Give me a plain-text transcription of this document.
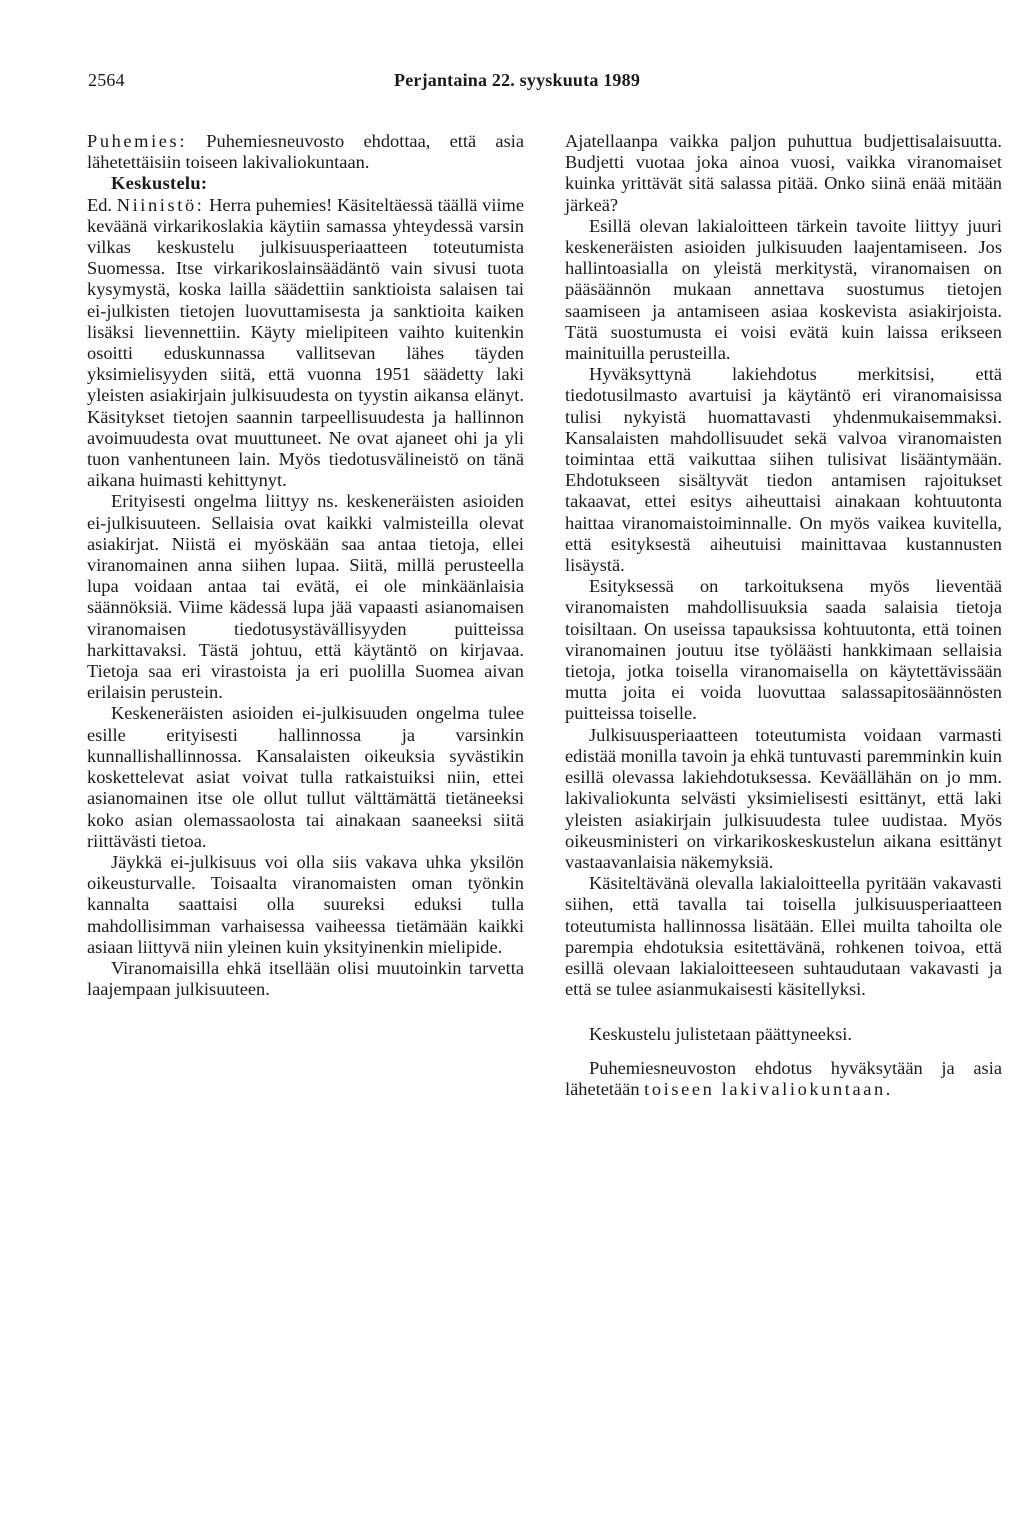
2564	Perjantaina 22. syyskuuta 1989

Puhemies: Puhemiesneuvosto ehdottaa, että asia lähetettäisiin toiseen lakivaliokuntaan.

Keskustelu:

Ed. Niinistö: Herra puhemies! Käsiteltäessä täällä viime keväänä virkarikoslakia käytiin samassa yhteydessä varsin vilkas keskustelu julkisuusperiaatteen toteutumista Suomessa. Itse virkarikoslainsäädäntö vain sivusi tuota kysymystä, koska lailla säädettiin sanktioista salaisen tai ei-julkisten tietojen luovuttamisesta ja sanktioita kaiken lisäksi lievennettiin. Käyty mielipiteen vaihto kuitenkin osoitti eduskunnassa vallitsevan lähes täyden yksimielisyyden siitä, että vuonna 1951 säädetty laki yleisten asiakirjain julkisuudesta on tyystin aikansa elänyt. Käsitykset tietojen saannin tarpeellisuudesta ja hallinnon avoimuudesta ovat muuttuneet. Ne ovat ajaneet ohi ja yli tuon vanhentuneen lain. Myös tiedotusvälineistö on tänä aikana huimasti kehittynyt.

Erityisesti ongelma liittyy ns. keskeneräisten asioiden ei-julkisuuteen. Sellaisia ovat kaikki valmisteilla olevat asiakirjat. Niistä ei myöskään saa antaa tietoja, ellei viranomainen anna siihen lupaa. Siitä, millä perusteella lupa voidaan antaa tai evätä, ei ole minkäänlaisia säännöksiä. Viime kädessä lupa jää vapaasti asianomaisen viranomaisen tiedotusystävällisyyden puitteissa harkittavaksi. Tästä johtuu, että käytäntö on kirjavaa. Tietoja saa eri virastoista ja eri puolilla Suomea aivan erilaisin perustein.

Keskeneräisten asioiden ei-julkisuuden ongelma tulee esille erityisesti hallinnossa ja varsinkin kunnallishallinnossa. Kansalaisten oikeuksia syvästikin koskettelevat asiat voivat tulla ratkaistuiksi niin, ettei asianomainen itse ole ollut tullut välttämättä tietäneeksi koko asian olemassaolosta tai ainakaan saaneeksi siitä riittävästi tietoa.

Jäykkä ei-julkisuus voi olla siis vakava uhka yksilön oikeusturvalle. Toisaalta viranomaisten oman työnkin kannalta saattaisi olla suureksi eduksi tulla mahdollisimman varhaisessa vaiheessa tietämään kaikki asiaan liittyvä niin yleinen kuin yksityinenkin mielipide.

Viranomaisilla ehkä itsellään olisi muutoinkin tarvetta laajempaan julkisuuteen.

Ajatellaanpa vaikka paljon puhuttua budjettisalaisuutta. Budjetti vuotaa joka ainoa vuosi, vaikka viranomaiset kuinka yrittävät sitä salassa pitää. Onko siinä enää mitään järkeä?

Esillä olevan lakialoitteen tärkein tavoite liittyy juuri keskeneräisten asioiden julkisuuden laajentamiseen. Jos hallintoasialla on yleistä merkitystä, viranomaisen on pääsäännön mukaan annettava suostumus tietojen saamiseen ja antamiseen asiaa koskevista asiakirjoista. Tätä suostumusta ei voisi evätä kuin laissa erikseen mainituilla perusteilla.

Hyväksyttynä lakiehdotus merkitsisi, että tiedotusilmasto avartuisi ja käytäntö eri viranomaisissa tulisi nykyistä huomattavasti yhdenmukaisemmaksi. Kansalaisten mahdollisuudet sekä valvoa viranomaisten toimintaa että vaikuttaa siihen tulisivat lisääntymään. Ehdotukseen sisältyvät tiedon antamisen rajoitukset takaavat, ettei esitys aiheuttaisi ainakaan kohtuutonta haittaa viranomaistoiminnalle. On myös vaikea kuvitella, että esityksestä aiheutuisi mainittavaa kustannusten lisäystä.

Esityksessä on tarkoituksena myös lieventää viranomaisten mahdollisuuksia saada salaisia tietoja toisiltaan. On useissa tapauksissa kohtuutonta, että toinen viranomainen joutuu itse työläästi hankkimaan sellaisia tietoja, jotka toisella viranomaisella on käytettävissään mutta joita ei voida luovuttaa salassapitosäännösten puitteissa toiselle.

Julkisuusperiaatteen toteutumista voidaan varmasti edistää monilla tavoin ja ehkä tuntuvasti paremminkin kuin esillä olevassa lakiehdotuksessa. Keväällähän on jo mm. lakivaliokunta selvästi yksimielisesti esittänyt, että laki yleisten asiakirjain julkisuudesta tulee uudistaa. Myös oikeusministeri on virkarikoskeskustelun aikana esittänyt vastaavanlaisia näkemyksiä.

Käsiteltävänä olevalla lakialoitteella pyritään vakavasti siihen, että tavalla tai toisella julkisuusperiaatteen toteutumista hallinnossa lisätään. Ellei muilta tahoilta ole parempia ehdotuksia esitettävänä, rohkenen toivoa, että esillä olevaan lakialoitteeseen suhtaudutaan vakavasti ja että se tulee asianmukaisesti käsitellyksi.

Keskustelu julistetaan päättyneeksi.

Puhemiesneuvoston ehdotus hyväksytään ja asia lähetetään toiseen lakivaliokuntaan.
